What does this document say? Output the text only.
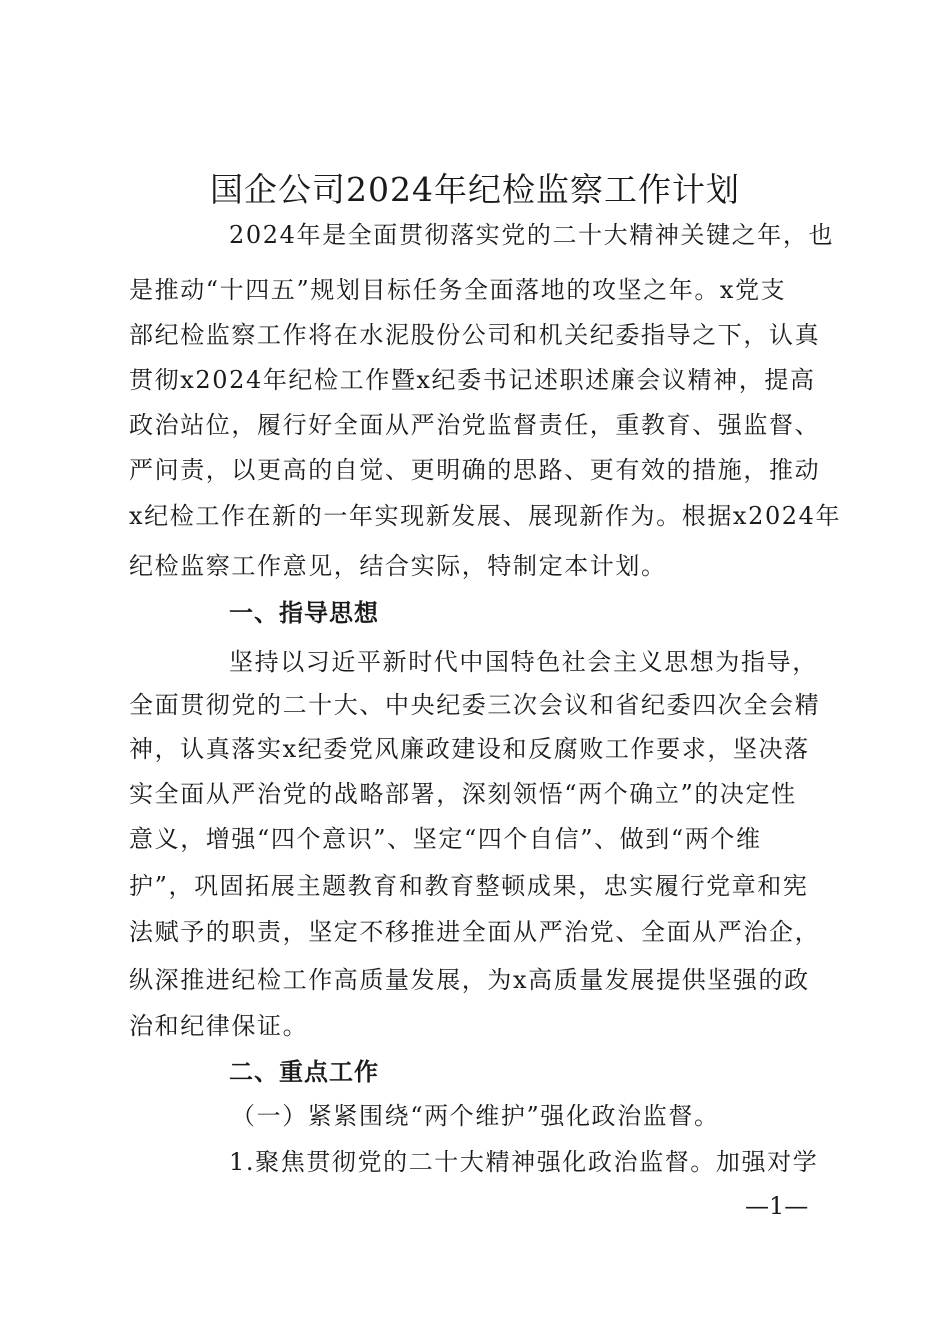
国企公司2024年纪检监察工作计划
2024年是全面贯彻落实党的二十大精神关键之年，也
是推动“十四五”规划目标任务全面落地的攻坚之年。x党支
部纪检监察工作将在水泥股份公司和机关纪委指导之下，认真
贯彻x2024年纪检工作暨x纪委书记述职述廉会议精神，提高
政治站位，履行好全面从严治党监督责任，重教育、强监督、
严问责，以更高的自觉、更明确的思路、更有效的措施，推动
x纪检工作在新的一年实现新发展、展现新作为。根据x2024年
纪检监察工作意见，结合实际，特制定本计划。
一、指导思想
坚持以习近平新时代中国特色社会主义思想为指导，
全面贯彻党的二十大、中央纪委三次会议和省纪委四次全会精
神，认真落实x纪委党风廉政建设和反腐败工作要求，坚决落
实全面从严治党的战略部署，深刻领悟“两个确立”的决定性
意义，增强“四个意识”、坚定“四个自信”、做到“两个维
护”，巩固拓展主题教育和教育整顿成果，忠实履行党章和宪
法赋予的职责，坚定不移推进全面从严治党、全面从严治企，
纵深推进纪检工作高质量发展，为x高质量发展提供坚强的政
治和纪律保证。
二、重点工作
（一）紧紧围绕“两个维护”强化政治监督。
1.聚焦贯彻党的二十大精神强化政治监督。加强对学
—1—
